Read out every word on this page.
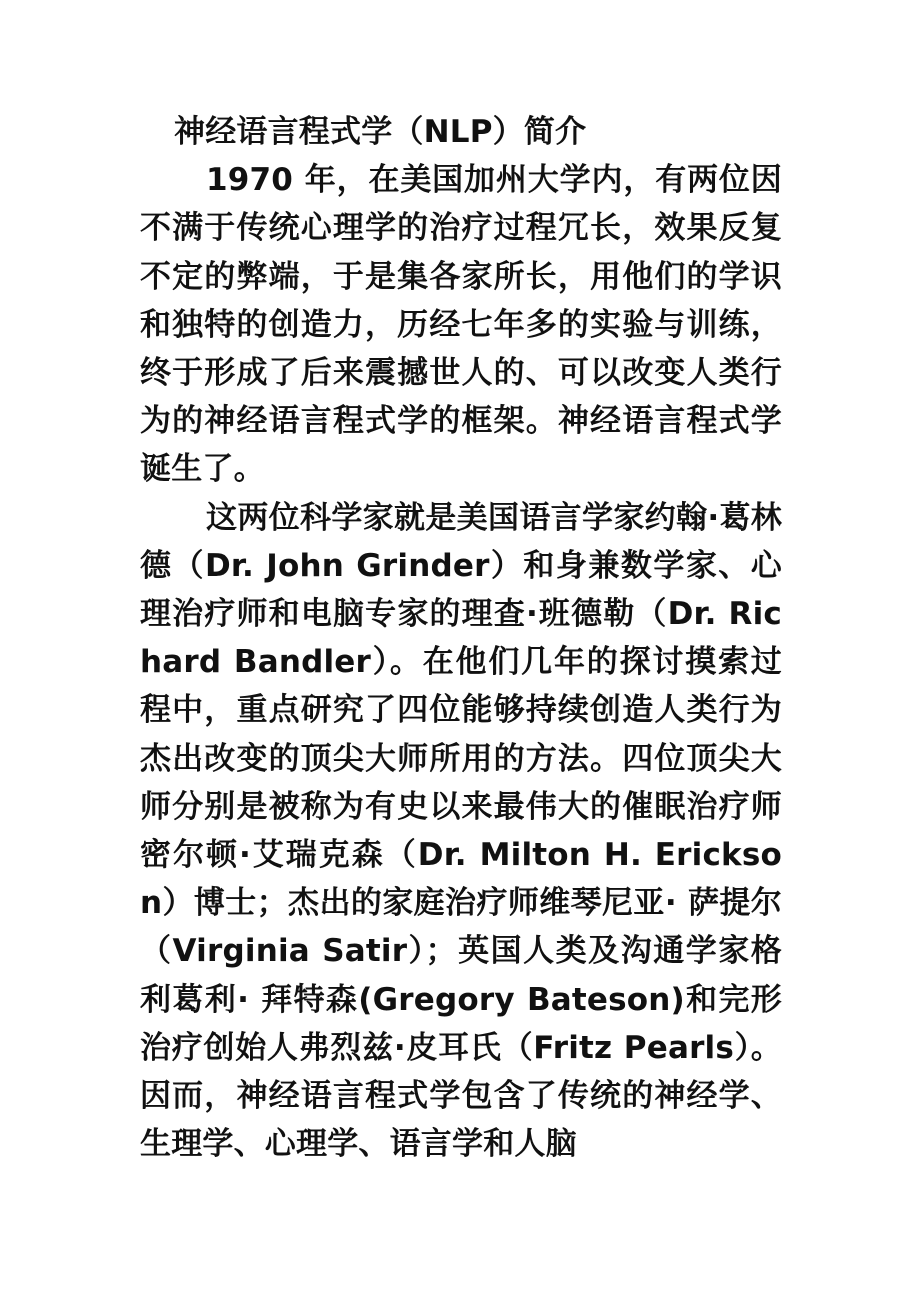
神经语言程式学（NLP）简介

1970 年，在美国加州大学内，有两位因不满于传统心理学的治疗过程冗长，效果反复不定的弊端，于是集各家所长，用他们的学识和独特的创造力，历经七年多的实验与训练，终于形成了后来震撼世人的、可以改变人类行为的神经语言程式学的框架。神经语言程式学诞生了。

这两位科学家就是美国语言学家约翰·葛林德（Dr. John Grinder）和身兼数学家、心理治疗师和电脑专家的理查·班德勒（Dr. Richard Bandler）。在他们几年的探讨摸索过程中，重点研究了四位能够持续创造人类行为杰出改变的顶尖大师所用的方法。四位顶尖大师分别是被称为有史以来最伟大的催眠治疗师密尔顿·艾瑞克森（Dr. Milton H. Erickson）博士；杰出的家庭治疗师维琴尼亚· 萨提尔（Virginia Satir）；英国人类及沟通学家格利葛利· 拜特森(Gregory Bateson)和完形治疗创始人弗烈兹·皮耳氏（Fritz Pearls）。因而，神经语言程式学包含了传统的神经学、生理学、心理学、语言学和人脑
